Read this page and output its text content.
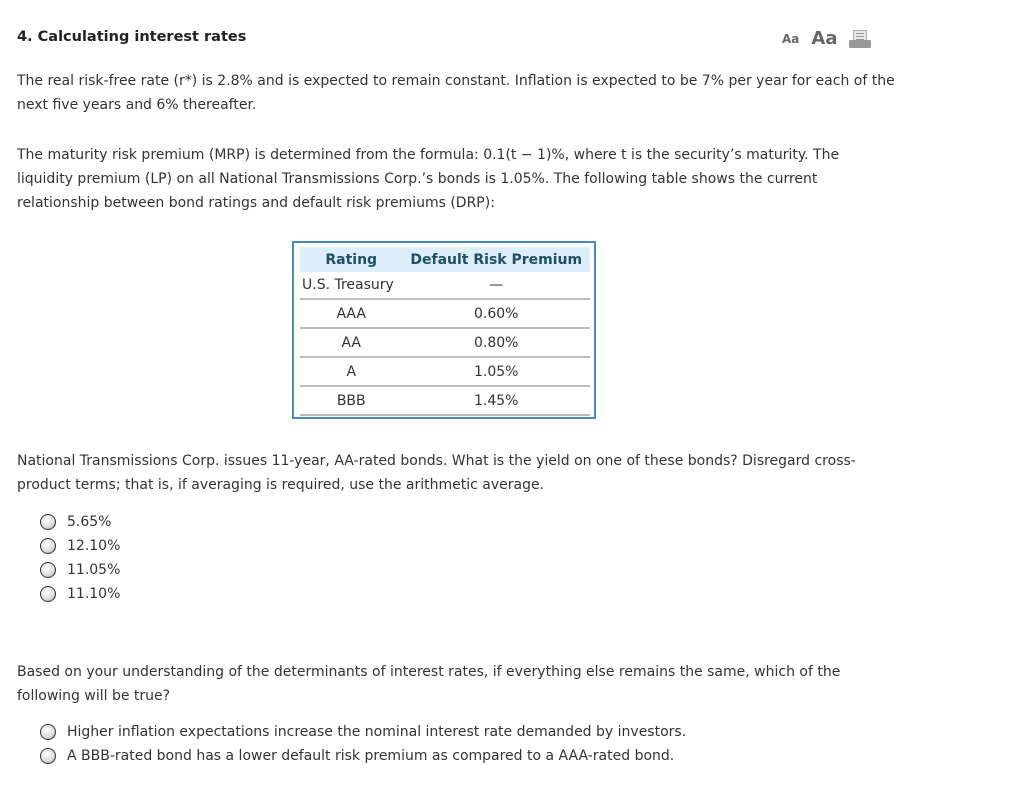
4. Calculating interest rates	Aa Aa

The real risk-free rate (r*) is 2.8% and is expected to remain constant. Inflation is expected to be 7% per year for each of the next five years and 6% thereafter.

The maturity risk premium (MRP) is determined from the formula: 0.1(t − 1)%, where t is the security’s maturity. The liquidity premium (LP) on all National Transmissions Corp.’s bonds is 1.05%. The following table shows the current relationship between bond ratings and default risk premiums (DRP):

Rating	Default Risk Premium
U.S. Treasury	—
AAA	0.60%
AA	0.80%
A	1.05%
BBB	1.45%

National Transmissions Corp. issues 11-year, AA-rated bonds. What is the yield on one of these bonds? Disregard cross-product terms; that is, if averaging is required, use the arithmetic average.

5.65%
12.10%
11.05%
11.10%

Based on your understanding of the determinants of interest rates, if everything else remains the same, which of the following will be true?

Higher inflation expectations increase the nominal interest rate demanded by investors.
A BBB-rated bond has a lower default risk premium as compared to a AAA-rated bond.
